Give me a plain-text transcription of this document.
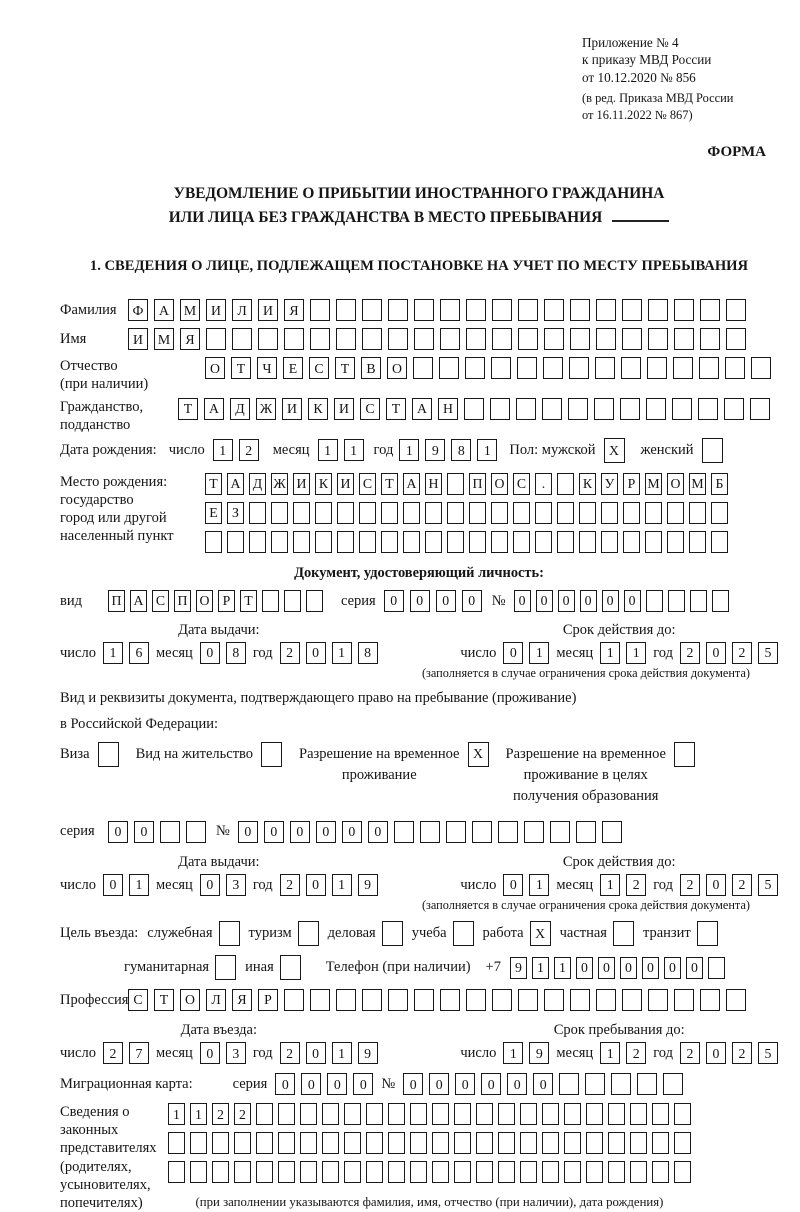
Приложение № 4
к приказу МВД России
от 10.12.2020 № 856
(в ред. Приказа МВД России
от 16.11.2022 № 867)
ФОРМА
УВЕДОМЛЕНИЕ О ПРИБЫТИИ ИНОСТРАННОГО ГРАЖДАНИНА
ИЛИ ЛИЦА БЕЗ ГРАЖДАНСТВА В МЕСТО ПРЕБЫВАНИЯ
1. СВЕДЕНИЯ О ЛИЦЕ, ПОДЛЕЖАЩЕМ ПОСТАНОВКЕ НА УЧЕТ ПО МЕСТУ ПРЕБЫВАНИЯ
Фамилия	Ф	А	М	И	Л	И	Я
Имя	И	М	Я
Отчество
(при наличии)
О	Т	Ч	Е	С	Т	В	О
Гражданство,
подданство
Т	А	Д	Ж	И	К	И	С	Т	А	Н
Дата рождения: число	1	2	месяц	1	1	год 1	9	8	1	Пол: мужской X	женский
Место рождения:
государство
город или другой
населенный пункт
Т А Д Ж И К И С Т А Н П О С	.	К У Р М О М Б
Е	З
Документ, удостоверяющий личность:
вид	П А С П О Р	Т	серия	0	0	0	0	№ 0	0	0	0	0	0
Дата выдачи:
число 1	6 месяц 0	8 год 2	0	1	8
Срок действия до:
число 0	1 месяц 1	1 год 2	0	2	5
(заполняется в случае ограничения срока действия документа)
Вид и реквизиты документа, подтверждающего право на пребывание (проживание)
в Российской Федерации:
Виза	Вид на жительство	Разрешение на временное
проживание
X	Разрешение на временное
проживание в целях
получения образования
серия	0	0	№	0	0	0	0	0	0
Дата выдачи:
число 0	1 месяц 0	3 год 2	0	1	9
Срок действия до:
число 0	1 месяц 1	2 год 2	0	2	5
(заполняется в случае ограничения срока действия документа)
Цель въезда: служебная туризм деловая учеба работа X	частная транзит
гуманитарная иная	Телефон (при наличии) +7	9	1	1	0	0	0	0	0	0
Профессия С	Т	О	Л	Я	Р
Дата въезда:
число 2	7 месяц 0	3 год 2	0	1	9
Срок пребывания до:
число 1	9 месяц 1	2 год 2	0	2	5
Миграционная карта:	серия	0	0	0	0	№	0	0	0	0	0	0
Сведения о
законных
представителях
(родителях,
усыновителях,
попечителях)
1	1	2	2
(при заполнении указываются фамилия, имя, отчество (при наличии), дата рождения)
